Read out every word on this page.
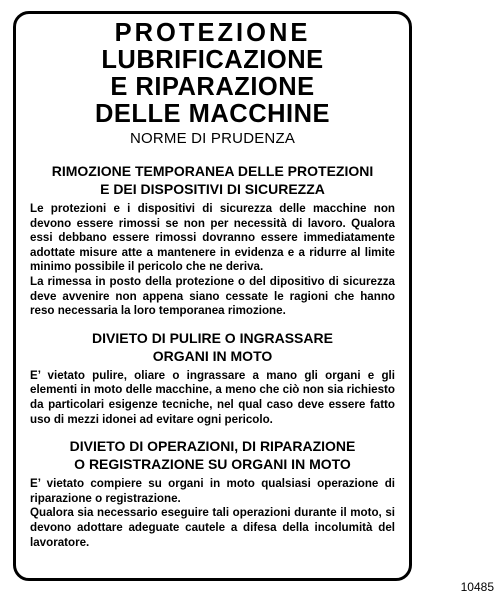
PROTEZIONE
LUBRIFICAZIONE
E RIPARAZIONE
DELLE MACCHINE
NORME DI PRUDENZA
RIMOZIONE TEMPORANEA DELLE PROTEZIONI
E DEI DISPOSITIVI DI SICUREZZA

Le protezioni e i dispositivi di sicurezza delle macchine non devono essere rimossi se non per necessità di lavoro. Qualora essi debbano essere rimossi dovranno essere immediatamente adottate misure atte a mantenere in evidenza e a ridurre al limite minimo possibile il pericolo che ne deriva.

La rimessa in posto della protezione o del dipositivo di sicurezza deve avvenire non appena siano cessate le ragioni che hanno reso necessaria la loro temporanea rimozione.

DIVIETO DI PULIRE O INGRASSARE
ORGANI IN MOTO

E’ vietato pulire, oliare o ingrassare a mano gli organi e gli elementi in moto delle macchine, a meno che ciò non sia richiesto da particolari esigenze tecniche, nel qual caso deve essere fatto uso di mezzi idonei ad evitare ogni pericolo.

DIVIETO DI OPERAZIONI, DI RIPARAZIONE
O REGISTRAZIONE SU ORGANI IN MOTO

E’ vietato compiere su organi in moto qualsiasi operazione di riparazione o registrazione.

Qualora sia necessario eseguire tali operazioni durante il moto, si devono adottare adeguate cautele a difesa della incolumità del lavoratore.

10485
